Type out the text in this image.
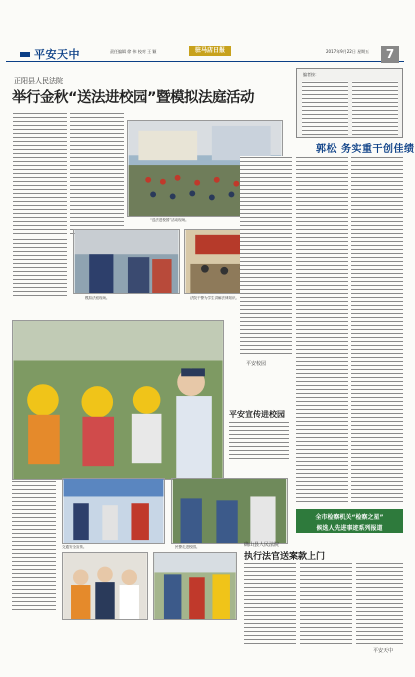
平安天中	责任编辑 徐 伟 校对 王 颖	驻马店日报	2017年9月22日 星期五	7
正阳县人民法院
举行金秋“送法进校园”暨模拟法庭活动
“送法进校园”活动现场。
模拟法庭现场。	法院干警为学生讲解法律知识。
编者按：
郭松 务实重干创佳绩
全市检察机关“检察之星”
候选人先进事迹系列报道
平安校园
平安宣传进校园
交通安全宣传。	民警走进校园。	确山县人民法院
执行法官送案款上门
平安天中
